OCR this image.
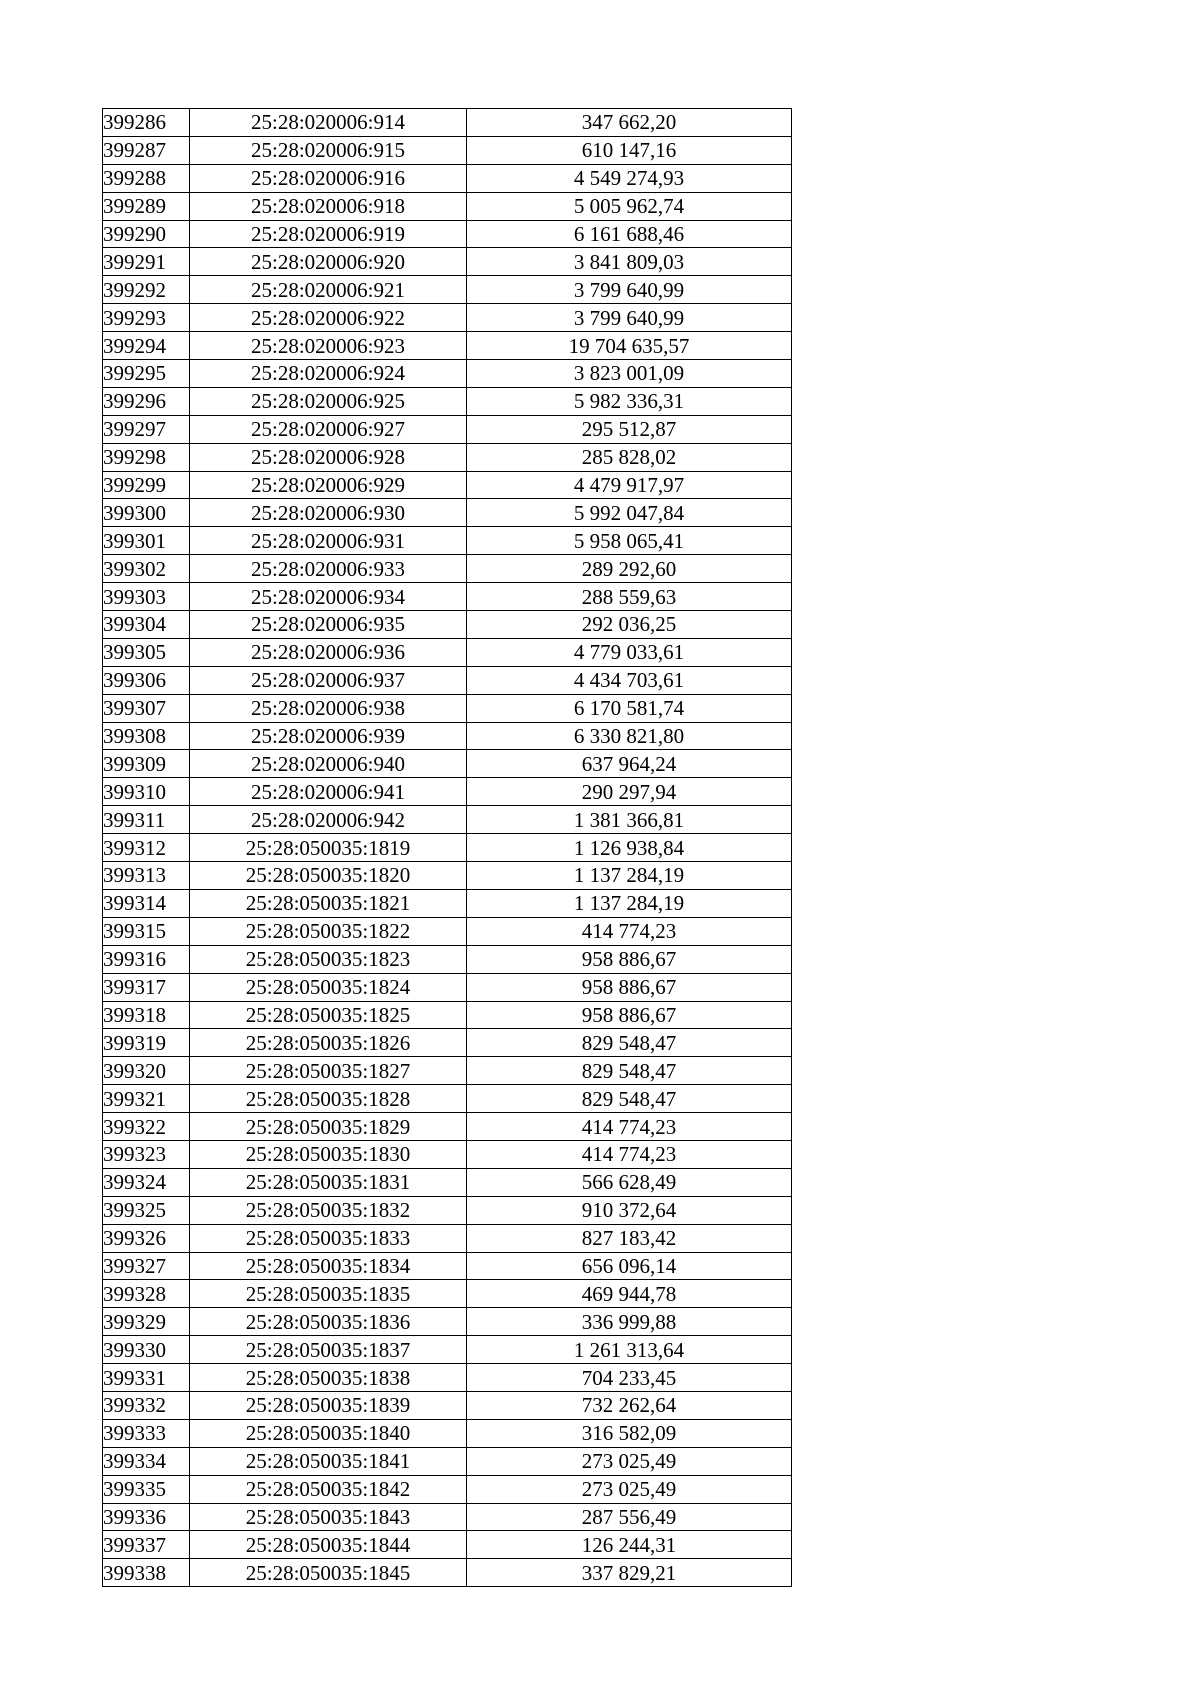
399286	25:28:020006:914	347 662,20
399287	25:28:020006:915	610 147,16
399288	25:28:020006:916	4 549 274,93
399289	25:28:020006:918	5 005 962,74
399290	25:28:020006:919	6 161 688,46
399291	25:28:020006:920	3 841 809,03
399292	25:28:020006:921	3 799 640,99
399293	25:28:020006:922	3 799 640,99
399294	25:28:020006:923	19 704 635,57
399295	25:28:020006:924	3 823 001,09
399296	25:28:020006:925	5 982 336,31
399297	25:28:020006:927	295 512,87
399298	25:28:020006:928	285 828,02
399299	25:28:020006:929	4 479 917,97
399300	25:28:020006:930	5 992 047,84
399301	25:28:020006:931	5 958 065,41
399302	25:28:020006:933	289 292,60
399303	25:28:020006:934	288 559,63
399304	25:28:020006:935	292 036,25
399305	25:28:020006:936	4 779 033,61
399306	25:28:020006:937	4 434 703,61
399307	25:28:020006:938	6 170 581,74
399308	25:28:020006:939	6 330 821,80
399309	25:28:020006:940	637 964,24
399310	25:28:020006:941	290 297,94
399311	25:28:020006:942	1 381 366,81
399312	25:28:050035:1819	1 126 938,84
399313	25:28:050035:1820	1 137 284,19
399314	25:28:050035:1821	1 137 284,19
399315	25:28:050035:1822	414 774,23
399316	25:28:050035:1823	958 886,67
399317	25:28:050035:1824	958 886,67
399318	25:28:050035:1825	958 886,67
399319	25:28:050035:1826	829 548,47
399320	25:28:050035:1827	829 548,47
399321	25:28:050035:1828	829 548,47
399322	25:28:050035:1829	414 774,23
399323	25:28:050035:1830	414 774,23
399324	25:28:050035:1831	566 628,49
399325	25:28:050035:1832	910 372,64
399326	25:28:050035:1833	827 183,42
399327	25:28:050035:1834	656 096,14
399328	25:28:050035:1835	469 944,78
399329	25:28:050035:1836	336 999,88
399330	25:28:050035:1837	1 261 313,64
399331	25:28:050035:1838	704 233,45
399332	25:28:050035:1839	732 262,64
399333	25:28:050035:1840	316 582,09
399334	25:28:050035:1841	273 025,49
399335	25:28:050035:1842	273 025,49
399336	25:28:050035:1843	287 556,49
399337	25:28:050035:1844	126 244,31
399338	25:28:050035:1845	337 829,21
